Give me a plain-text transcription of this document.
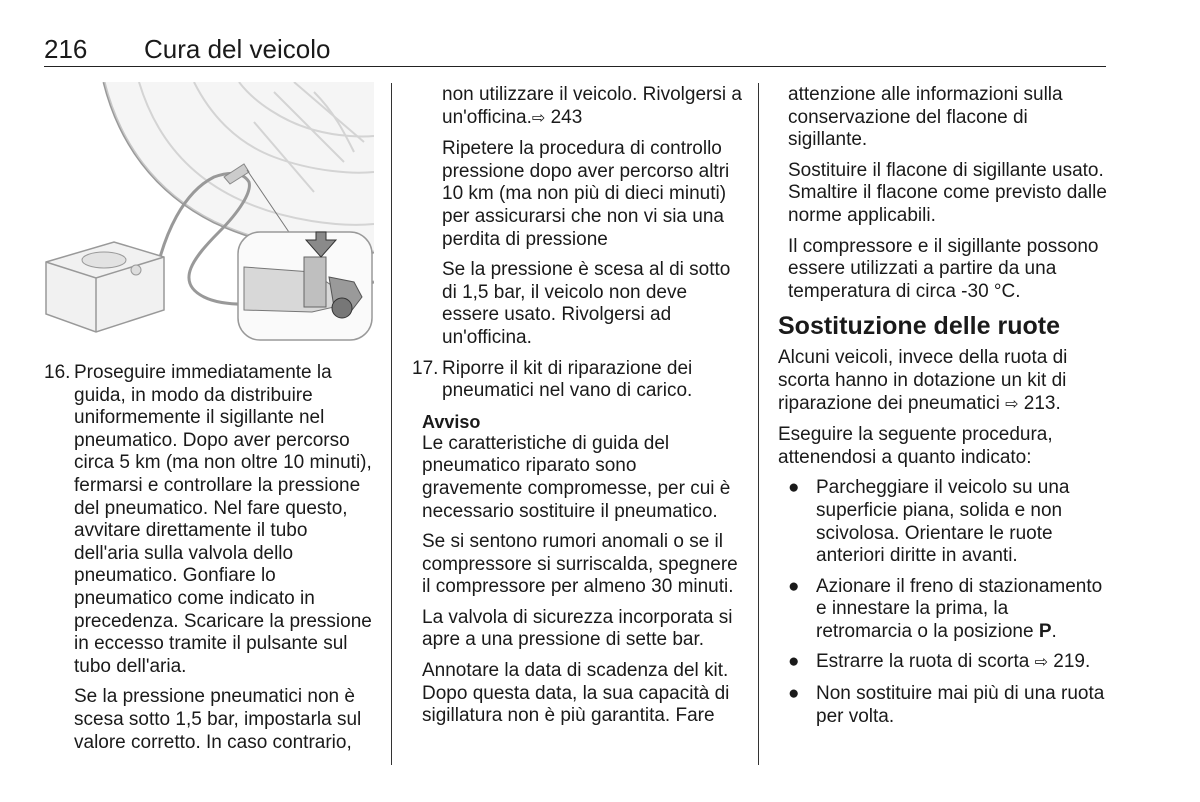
216 Cura del veicolo
16. Proseguire immediatamente la guida, in modo da distribuire uniformemente il sigillante nel pneumatico. Dopo aver percorso circa 5 km (ma non oltre 10 minuti), fermarsi e controllare la pressione del pneumatico. Nel fare questo, avvitare direttamente il tubo dell'aria sulla valvola dello pneumatico. Gonfiare lo pneumatico come indicato in precedenza. Scaricare la pressione in eccesso tramite il pulsante sul tubo dell'aria.

Se la pressione pneumatici non è scesa sotto 1,5 bar, impostarla sul valore corretto. In caso contrario,

non utilizzare il veicolo. Rivolgersi a un'officina.⇨ 243

Ripetere la procedura di controllo pressione dopo aver percorso altri 10 km (ma non più di dieci minuti) per assicurarsi che non vi sia una perdita di pressione

Se la pressione è scesa al di sotto di 1,5 bar, il veicolo non deve essere usato. Rivolgersi ad un'officina.

17. Riporre il kit di riparazione dei pneumatici nel vano di carico.
Avviso

Le caratteristiche di guida del pneumatico riparato sono gravemente compromesse, per cui è necessario sostituire il pneumatico.

Se si sentono rumori anomali o se il compressore si surriscalda, spegnere il compressore per almeno 30 minuti.

La valvola di sicurezza incorporata si apre a una pressione di sette bar.

Annotare la data di scadenza del kit. Dopo questa data, la sua capacità di sigillatura non è più garantita. Fare

attenzione alle informazioni sulla conservazione del flacone di sigillante.

Sostituire il flacone di sigillante usato. Smaltire il flacone come previsto dalle norme applicabili.

Il compressore e il sigillante possono essere utilizzati a partire da una temperatura di circa -30 °C.

Sostituzione delle ruote

Alcuni veicoli, invece della ruota di scorta hanno in dotazione un kit di riparazione dei pneumatici ⇨ 213.

Eseguire la seguente procedura, attenendosi a quanto indicato:

● Parcheggiare il veicolo su una superficie piana, solida e non scivolosa. Orientare le ruote anteriori diritte in avanti.
● Azionare il freno di stazionamento e innestare la prima, la retromarcia o la posizione P.
● Estrarre la ruota di scorta ⇨ 219.
● Non sostituire mai più di una ruota per volta.
